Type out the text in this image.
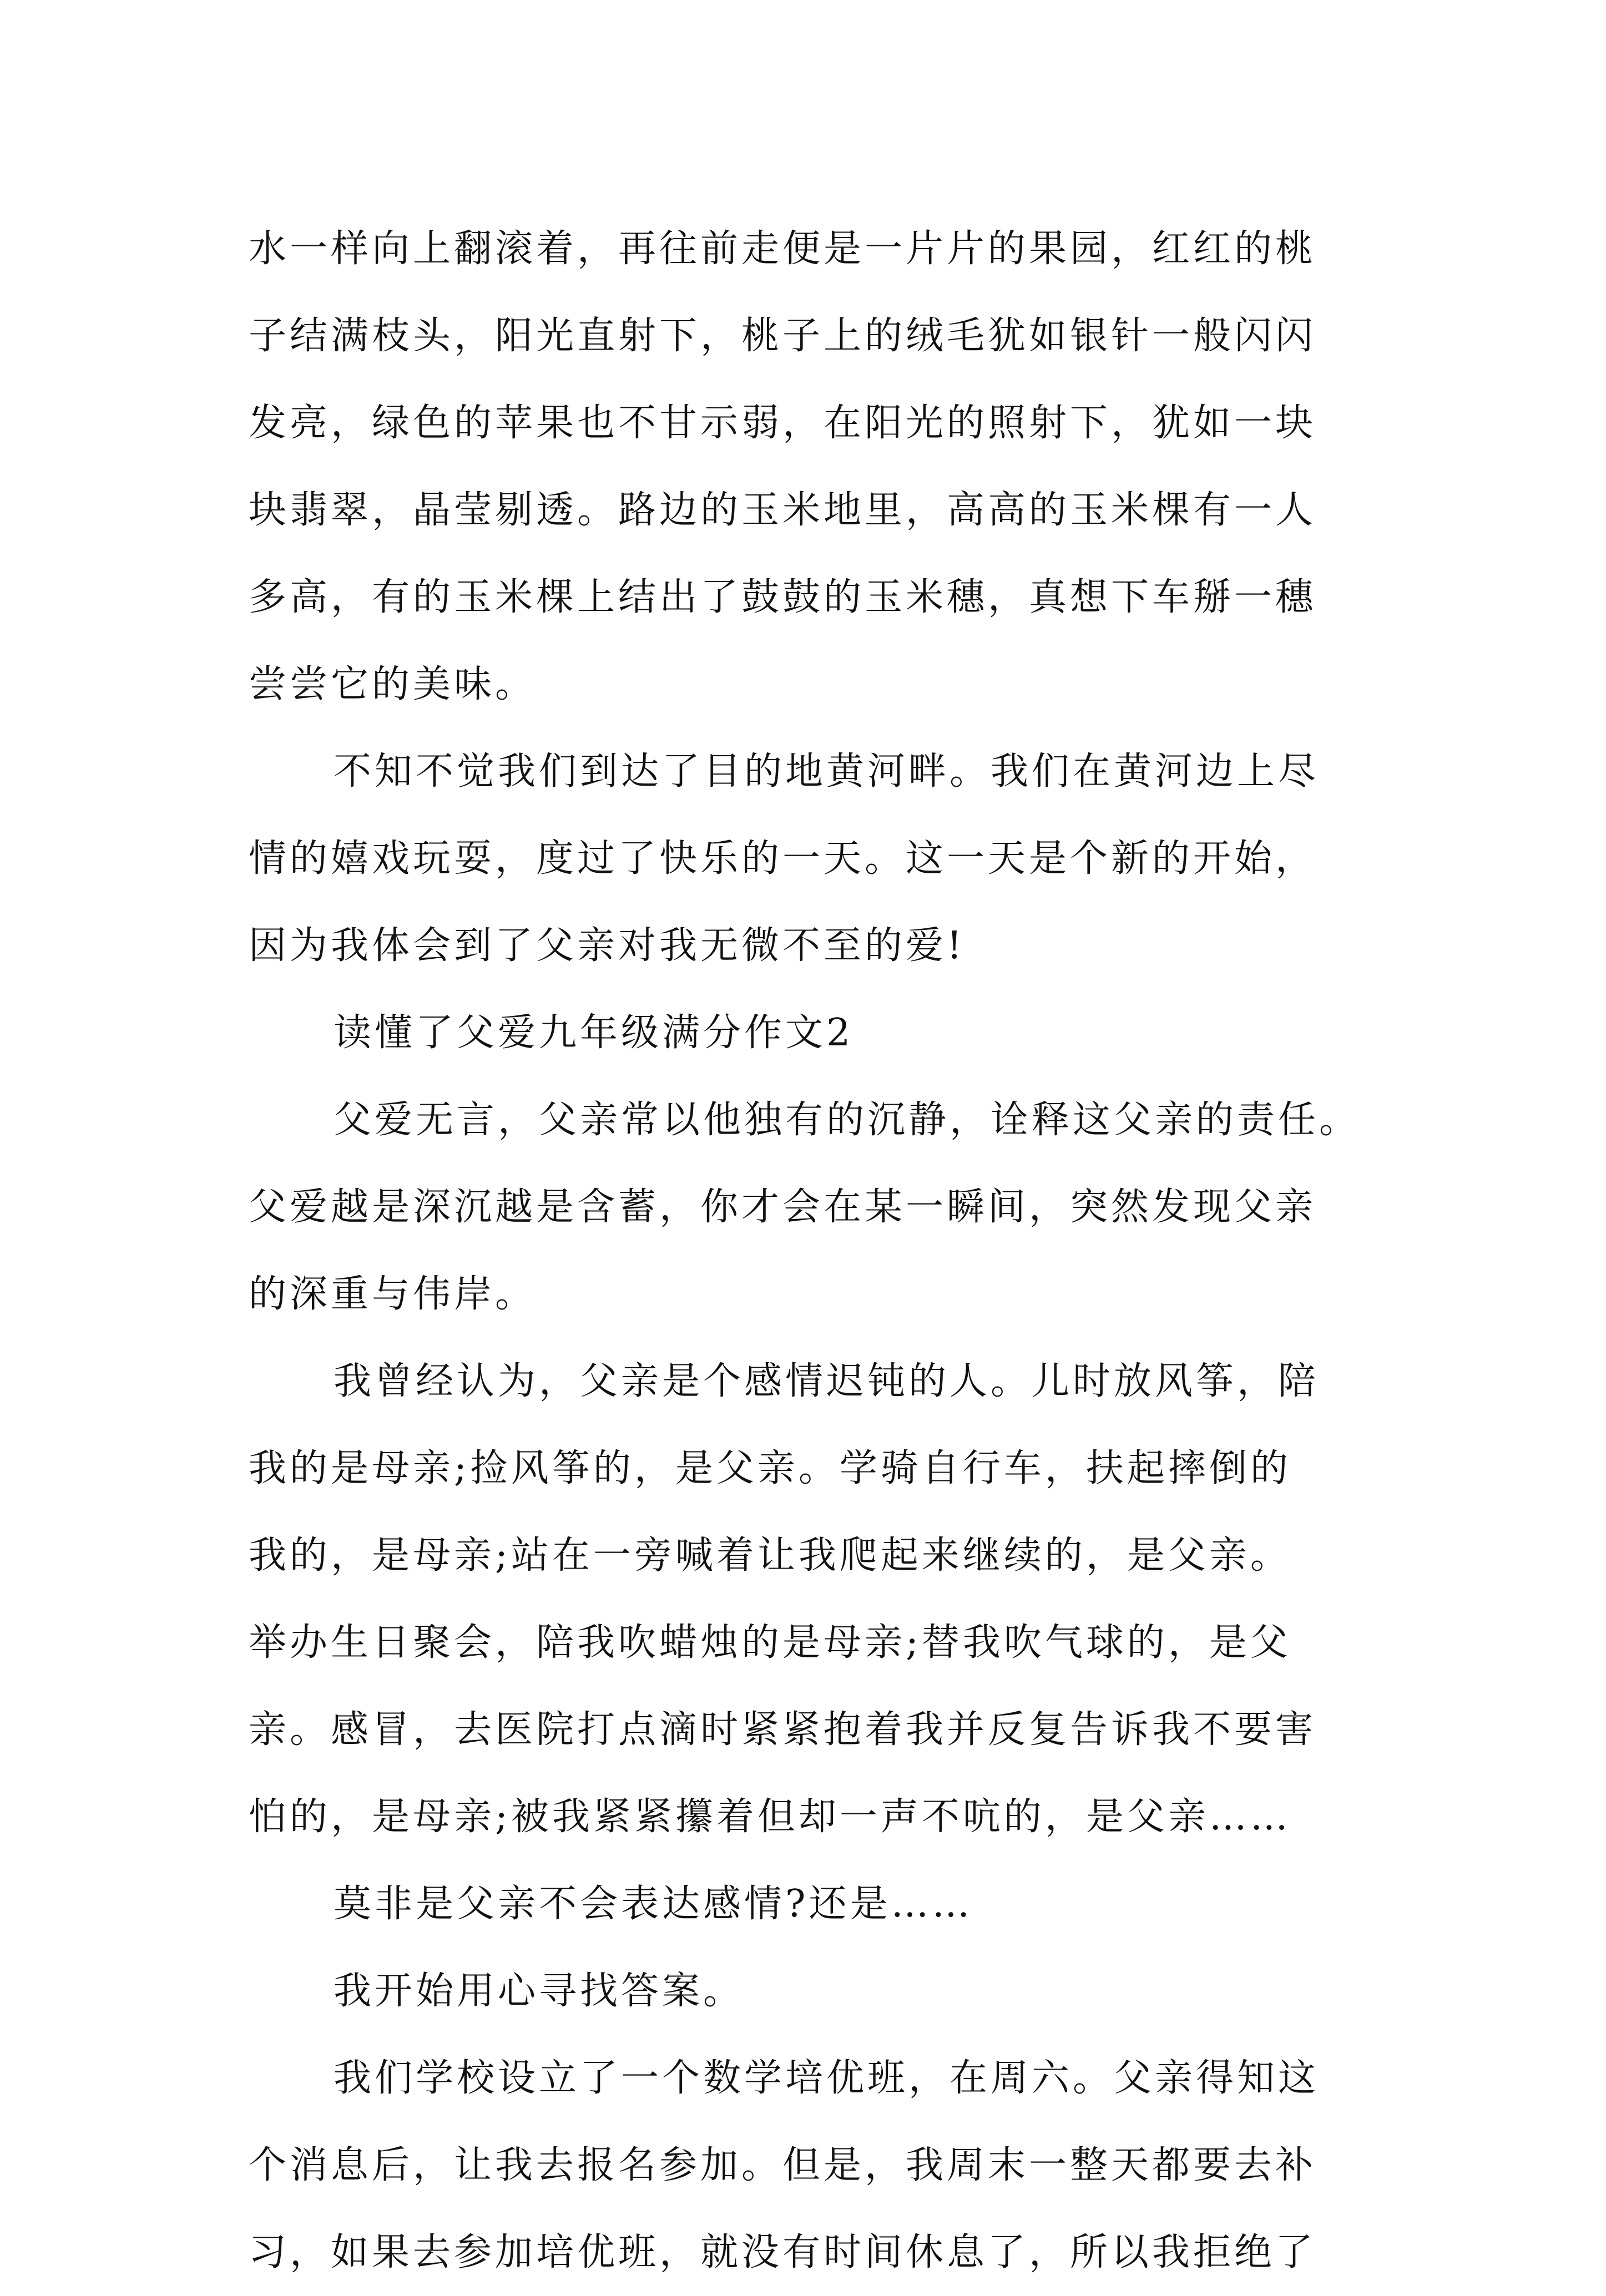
水一样向上翻滚着，再往前走便是一片片的果园，红红的桃
子结满枝头，阳光直射下，桃子上的绒毛犹如银针一般闪闪
发亮，绿色的苹果也不甘示弱，在阳光的照射下，犹如一块
块翡翠，晶莹剔透。路边的玉米地里，高高的玉米棵有一人
多高，有的玉米棵上结出了鼓鼓的玉米穗，真想下车掰一穗
尝尝它的美味。
不知不觉我们到达了目的地黄河畔。我们在黄河边上尽
情的嬉戏玩耍，度过了快乐的一天。这一天是个新的开始，
因为我体会到了父亲对我无微不至的爱!
读懂了父爱九年级满分作文2
父爱无言，父亲常以他独有的沉静，诠释这父亲的责任。
父爱越是深沉越是含蓄，你才会在某一瞬间，突然发现父亲
的深重与伟岸。
我曾经认为，父亲是个感情迟钝的人。儿时放风筝，陪
我的是母亲;捡风筝的，是父亲。学骑自行车，扶起摔倒的
我的，是母亲;站在一旁喊着让我爬起来继续的，是父亲。
举办生日聚会，陪我吹蜡烛的是母亲;替我吹气球的，是父
亲。感冒，去医院打点滴时紧紧抱着我并反复告诉我不要害
怕的，是母亲;被我紧紧攥着但却一声不吭的，是父亲……
莫非是父亲不会表达感情?还是……
我开始用心寻找答案。
我们学校设立了一个数学培优班，在周六。父亲得知这
个消息后，让我去报名参加。但是，我周末一整天都要去补
习，如果去参加培优班，就没有时间休息了，所以我拒绝了
